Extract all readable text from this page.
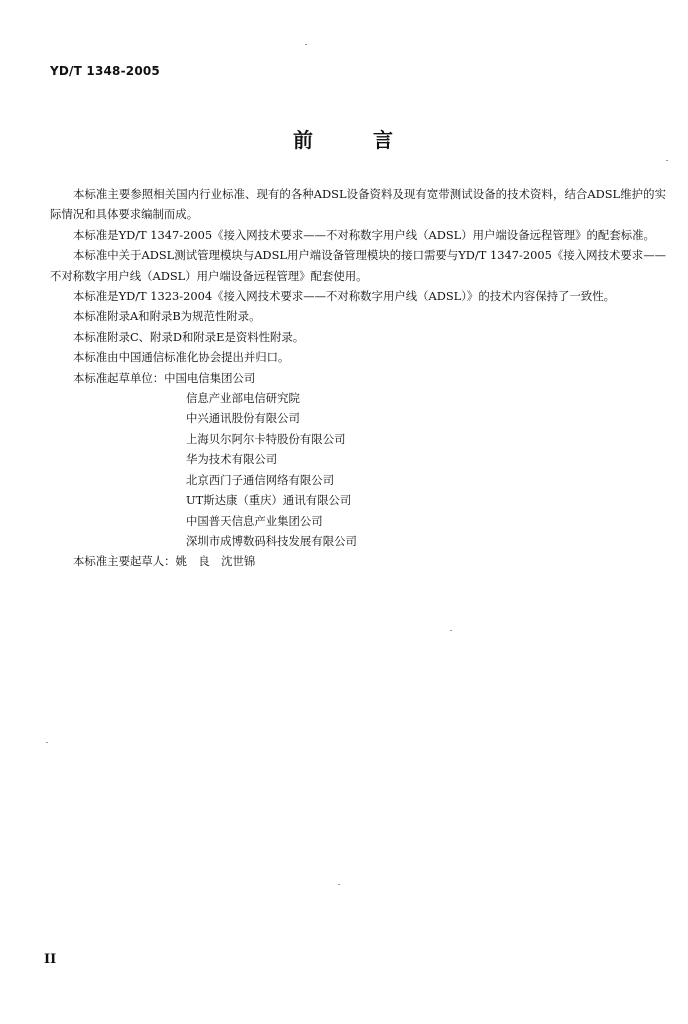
YD/T 1348-2005
前	言

本标准主要参照相关国内行业标准、现有的各种ADSL设备资料及现有宽带测试设备的技术资料，结合ADSL维护的实际情况和具体要求编制而成。

本标准是YD/T 1347-2005《接入网技术要求——不对称数字用户线（ADSL）用户端设备远程管理》的配套标准。

本标准中关于ADSL测试管理模块与ADSL用户端设备管理模块的接口需要与YD/T 1347-2005《接入网技术要求——不对称数字用户线（ADSL）用户端设备远程管理》配套使用。

本标准是YD/T 1323-2004《接入网技术要求——不对称数字用户线（ADSL）》的技术内容保持了一致性。

本标准附录A和附录B为规范性附录。

本标准附录C、附录D和附录E是资料性附录。

本标准由中国通信标准化协会提出并归口。

本标准起草单位：中国电信集团公司

信息产业部电信研究院

中兴通讯股份有限公司

上海贝尔阿尔卡特股份有限公司

华为技术有限公司

北京西门子通信网络有限公司

UT斯达康（重庆）通讯有限公司

中国普天信息产业集团公司

深圳市成博数码科技发展有限公司

本标准主要起草人：姚　良　沈世锦

II
